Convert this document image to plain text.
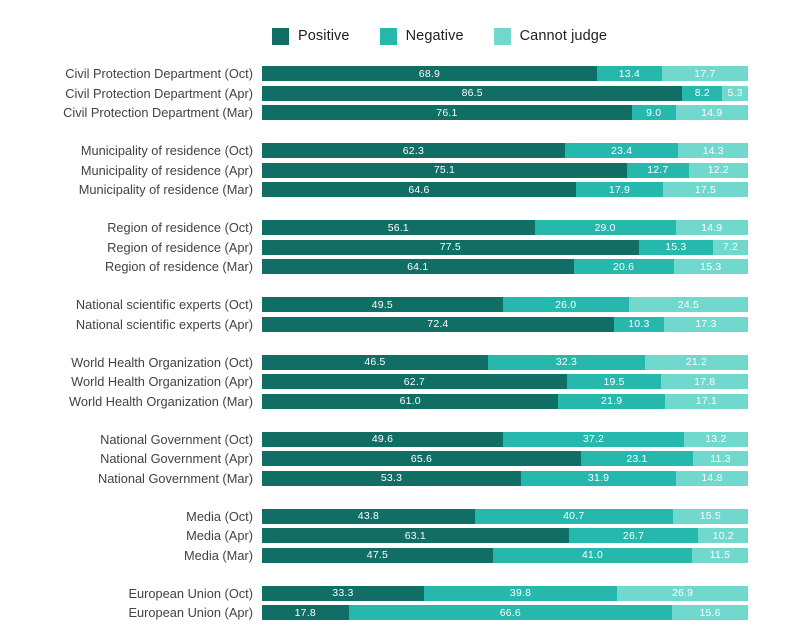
Positive	Negative	Cannot judge
Civil Protection Department (Oct)	68.9	13.4	17.7
Civil Protection Department (Apr)	86.5	8.2 5.3
Civil Protection Department (Mar)	76.1	9.0	14.9
Municipality of residence (Oct)	62.3	23.4	14.3
Municipality of residence (Apr)	75.1	12.7	12.2
Municipality of residence (Mar)	64.6	17.9	17.5
Region of residence (Oct)	56.1	29.0	14.9
Region of residence (Apr)	77.5	15.3	7.2
Region of residence (Mar)	64.1	20.6	15.3
National scientific experts (Oct)	49.5	26.0	24.5
National scientific experts (Apr)	72.4	10.3	17.3
World Health Organization (Oct)	46.5	32.3	21.2
World Health Organization (Apr)	62.7	19.5	17.8
World Health Organization (Mar)	61.0	21.9	17.1
National Government (Oct)	49.6	37.2	13.2
National Government (Apr)	65.6	23.1	11.3
National Government (Mar)	53.3	31.9	14.8
Media (Oct)	43.8	40.7	15.5
Media (Apr)	63.1	26.7	10.2
Media (Mar)	47.5	41.0	11.5
European Union (Oct)	33.3	39.8	26.9
European Union (Apr)	17.8	66.6	15.6
